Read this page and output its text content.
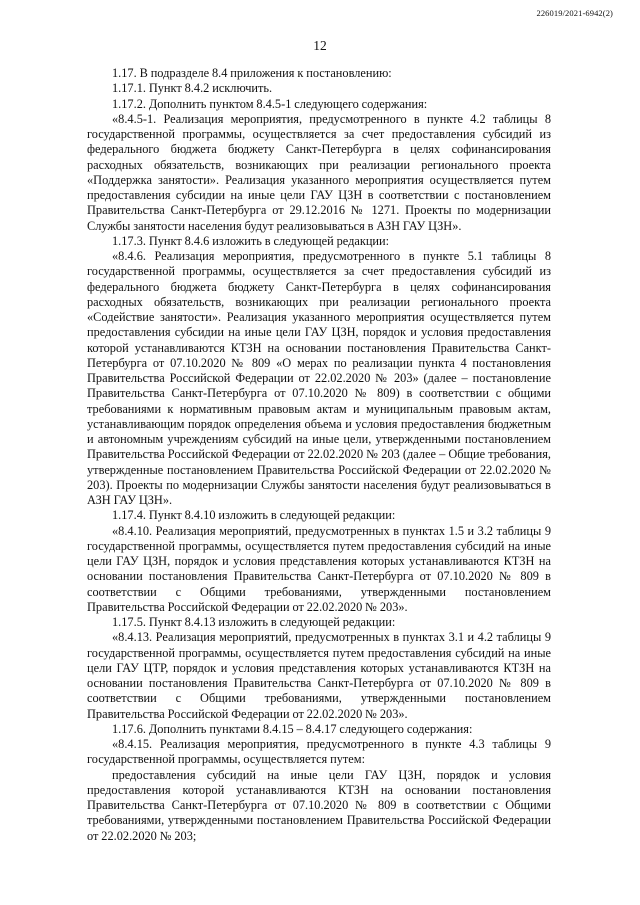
226019/2021-6942(2)
12

1.17. В подразделе 8.4 приложения к постановлению:

1.17.1. Пункт 8.4.2 исключить.

1.17.2. Дополнить пунктом 8.4.5-1 следующего содержания:

«8.4.5-1. Реализация мероприятия, предусмотренного в пункте 4.2 таблицы 8 государственной программы, осуществляется за счет предоставления субсидий из федерального бюджета бюджету Санкт-Петербурга в целях софинансирования расходных обязательств, возникающих при реализации регионального проекта «Поддержка занятости». Реализация указанного мероприятия осуществляется путем предоставления субсидии на иные цели ГАУ ЦЗН в соответствии с постановлением Правительства Санкт-Петербурга от 29.12.2016 № 1271. Проекты по модернизации Службы занятости населения будут реализовываться в АЗН ГАУ ЦЗН».

1.17.3. Пункт 8.4.6 изложить в следующей редакции:

«8.4.6. Реализация мероприятия, предусмотренного в пункте 5.1 таблицы 8 государственной программы, осуществляется за счет предоставления субсидий из федерального бюджета бюджету Санкт-Петербурга в целях софинансирования расходных обязательств, возникающих при реализации регионального проекта «Содействие занятости». Реализация указанного мероприятия осуществляется путем предоставления субсидии на иные цели ГАУ ЦЗН, порядок и условия предоставления которой устанавливаются КТЗН на основании постановления Правительства Санкт-Петербурга от 07.10.2020 № 809 «О мерах по реализации пункта 4 постановления Правительства Российской Федерации от 22.02.2020 № 203» (далее – постановление Правительства Санкт-Петербурга от 07.10.2020 № 809) в соответствии с общими требованиями к нормативным правовым актам и муниципальным правовым актам, устанавливающим порядок определения объема и условия предоставления бюджетным и автономным учреждениям субсидий на иные цели, утвержденными постановлением Правительства Российской Федерации от 22.02.2020 № 203 (далее – Общие требования, утвержденные постановлением Правительства Российской Федерации от 22.02.2020 № 203). Проекты по модернизации Службы занятости населения будут реализовываться в АЗН ГАУ ЦЗН».

1.17.4. Пункт 8.4.10 изложить в следующей редакции:

«8.4.10. Реализация мероприятий, предусмотренных в пунктах 1.5 и 3.2 таблицы 9 государственной программы, осуществляется путем предоставления субсидий на иные цели ГАУ ЦЗН, порядок и условия представления которых устанавливаются КТЗН на основании постановления Правительства Санкт-Петербурга от 07.10.2020 № 809 в соответствии с Общими требованиями, утвержденными постановлением Правительства Российской Федерации от 22.02.2020 № 203».

1.17.5. Пункт 8.4.13 изложить в следующей редакции:

«8.4.13. Реализация мероприятий, предусмотренных в пунктах 3.1 и 4.2 таблицы 9 государственной программы, осуществляется путем предоставления субсидий на иные цели ГАУ ЦТР, порядок и условия представления которых устанавливаются КТЗН на основании постановления Правительства Санкт-Петербурга от 07.10.2020 № 809 в соответствии с Общими требованиями, утвержденными постановлением Правительства Российской Федерации от 22.02.2020 № 203».

1.17.6. Дополнить пунктами 8.4.15 – 8.4.17 следующего содержания:

«8.4.15. Реализация мероприятия, предусмотренного в пункте 4.3 таблицы 9 государственной программы, осуществляется путем:

предоставления субсидий на иные цели ГАУ ЦЗН, порядок и условия предоставления которой устанавливаются КТЗН на основании постановления Правительства Санкт-Петербурга от 07.10.2020 № 809 в соответствии с Общими требованиями, утвержденными постановлением Правительства Российской Федерации от 22.02.2020 № 203;
